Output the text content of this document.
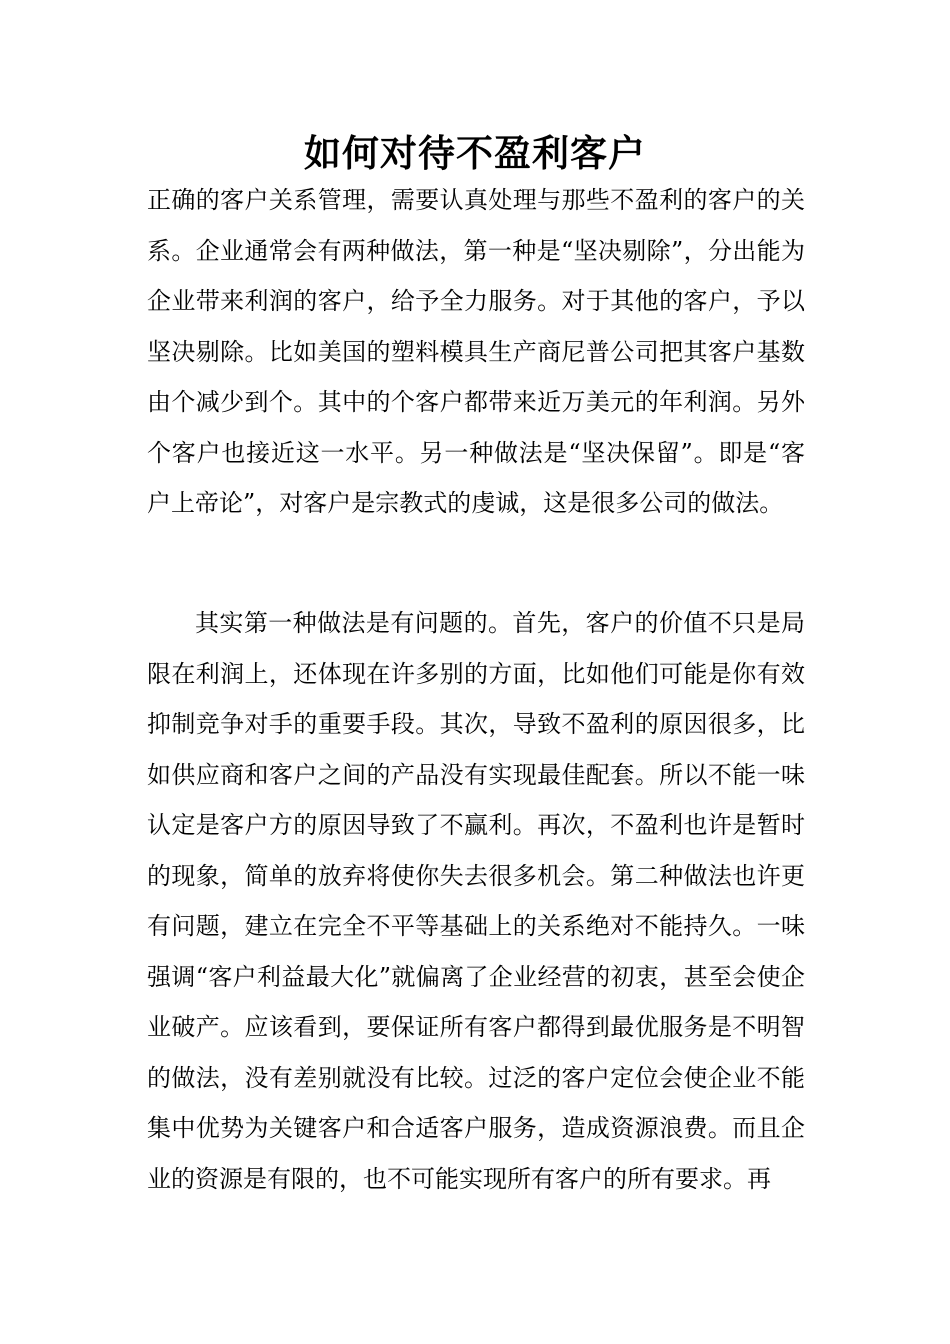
如何对待不盈利客户

正确的客户关系管理，需要认真处理与那些不盈利的客户的关系。企业通常会有两种做法，第一种是“坚决剔除”，分出能为企业带来利润的客户，给予全力服务。对于其他的客户，予以坚决剔除。比如美国的塑料模具生产商尼普公司把其客户基数由个减少到个。其中的个客户都带来近万美元的年利润。另外个客户也接近这一水平。另一种做法是“坚决保留”。即是“客户上帝论”，对客户是宗教式的虔诚，这是很多公司的做法。

其实第一种做法是有问题的。首先，客户的价值不只是局限在利润上，还体现在许多别的方面，比如他们可能是你有效抑制竞争对手的重要手段。其次，导致不盈利的原因很多，比如供应商和客户之间的产品没有实现最佳配套。所以不能一味认定是客户方的原因导致了不赢利。再次，不盈利也许是暂时的现象，简单的放弃将使你失去很多机会。第二种做法也许更有问题，建立在完全不平等基础上的关系绝对不能持久。一味强调“客户利益最大化”就偏离了企业经营的初衷，甚至会使企业破产。应该看到，要保证所有客户都得到最优服务是不明智的做法，没有差别就没有比较。过泛的客户定位会使企业不能集中优势为关键客户和合适客户服务，造成资源浪费。而且企业的资源是有限的，也不可能实现所有客户的所有要求。再
